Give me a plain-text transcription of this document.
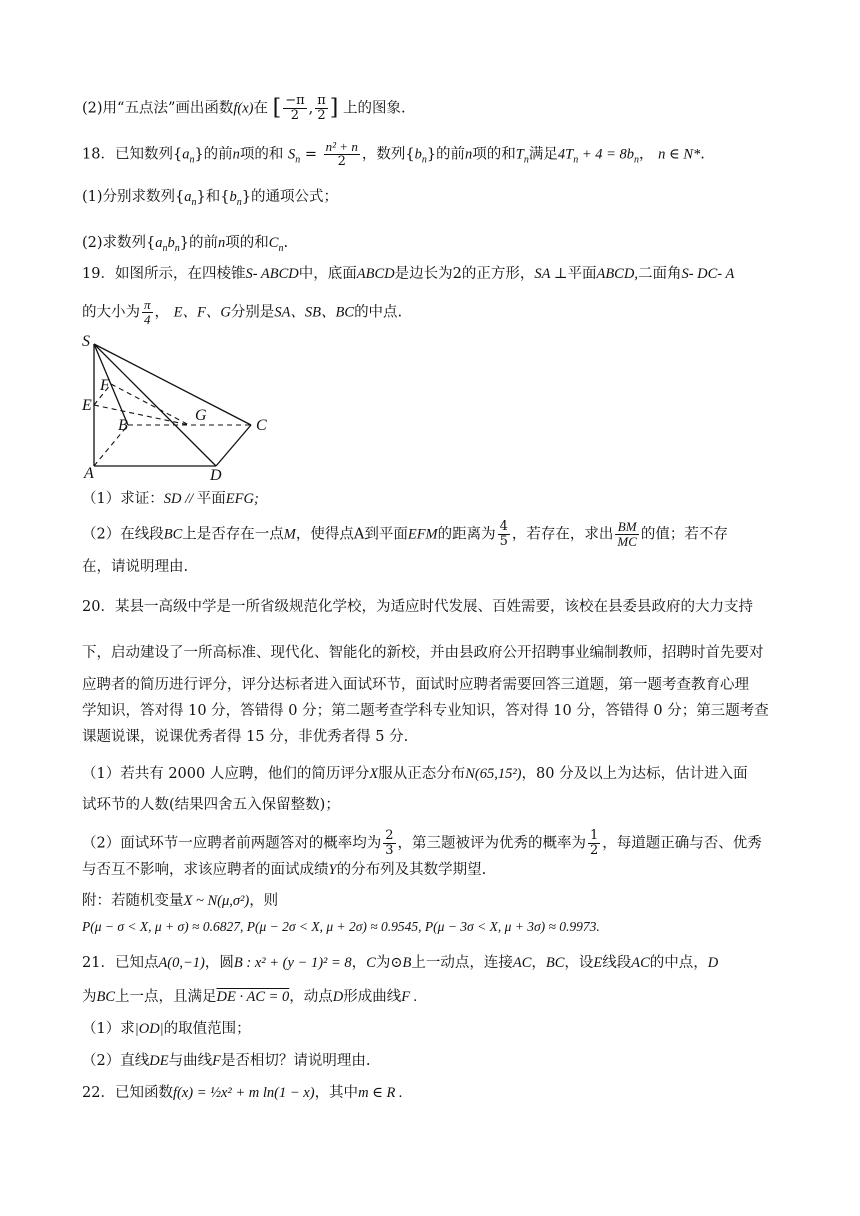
(2)用“五点法”画出函数f(x)在 [ $\frac{-\pi}{2}$ , $\frac{\pi}{2}$ ] 上的图象.
18．已知数列$\{a_n\}$的前n项的和 $S_n = \frac{\text{n² + n}}{2}$ ，数列$\{b_n\}$的前n项的和$T_n$满足$4T_n + 4 = 8b_n$， n ∈ N*.
(1)分别求数列$\{a_n\}$和$\{b_n\}$的通项公式；
(2)求数列$\{a_nb_n\}$的前n项的和$C_n$.
19．如图所示，在四棱锥S- ABCD中，底面ABCD是边长为2的正方形，SA ⊥平面ABCD,二面角S- DC- A
的大小为 $\frac{\pi}{4}$ ， E、F、G分别是SA、SB、BC的中点.
S
F
E
B
G
C
A	D
（1）求证：SD // 平面EFG;
（2）在线段BC上是否存在一点M，使得点A到平面EFM的距离为 $\frac{4}{5}$ ，若存在，求出 $\frac{BM}{MC}$ 的值；若不存
在，请说明理由.
20．某县一高级中学是一所省级规范化学校，为适应时代发展、百姓需要，该校在县委县政府的大力支持
下，启动建设了一所高标准、现代化、智能化的新校，并由县政府公开招聘事业编制教师，招聘时首先要对
应聘者的简历进行评分，评分达标者进入面试环节，面试时应聘者需要回答三道题，第一题考查教育心理
学知识，答对得 10 分，答错得 0 分；第二题考查学科专业知识，答对得 10 分，答错得 0 分；第三题考查
课题说课，说课优秀者得 15 分，非优秀者得 5 分.
（1）若共有 2000 人应聘，他们的简历评分X服从正态分布N(65,15²)，80 分及以上为达标，估计进入面
试环节的人数(结果四舍五入保留整数)；
（2）面试环节一应聘者前两题答对的概率均为 $\frac{2}{3}$ ，第三题被评为优秀的概率为 $\frac{1}{2}$ ，每道题正确与否、优秀
与否互不影响，求该应聘者的面试成绩Y的分布列及其数学期望.
附：若随机变量X ~ N(μ,σ²)，则
P(μ − σ < X, μ + σ) ≈ 0.6827, P(μ − 2σ < X, μ + 2σ) ≈ 0.9545, P(μ − 3σ < X, μ + 3σ) ≈ 0.9973.
21．已知点A(0,−1)，圆B : x² + (y − 1)² = 8，C为⊙B上一动点，连接AC，BC，设E线段AC的中点，D
为BC上一点，且满足DE · AC = 0，动点D形成曲线F .
（1）求|OD|的取值范围；
（2）直线DE与曲线F是否相切？请说明理由.
22．已知函数f(x) = ½x² + m ln(1 − x)，其中m ∈ R .
